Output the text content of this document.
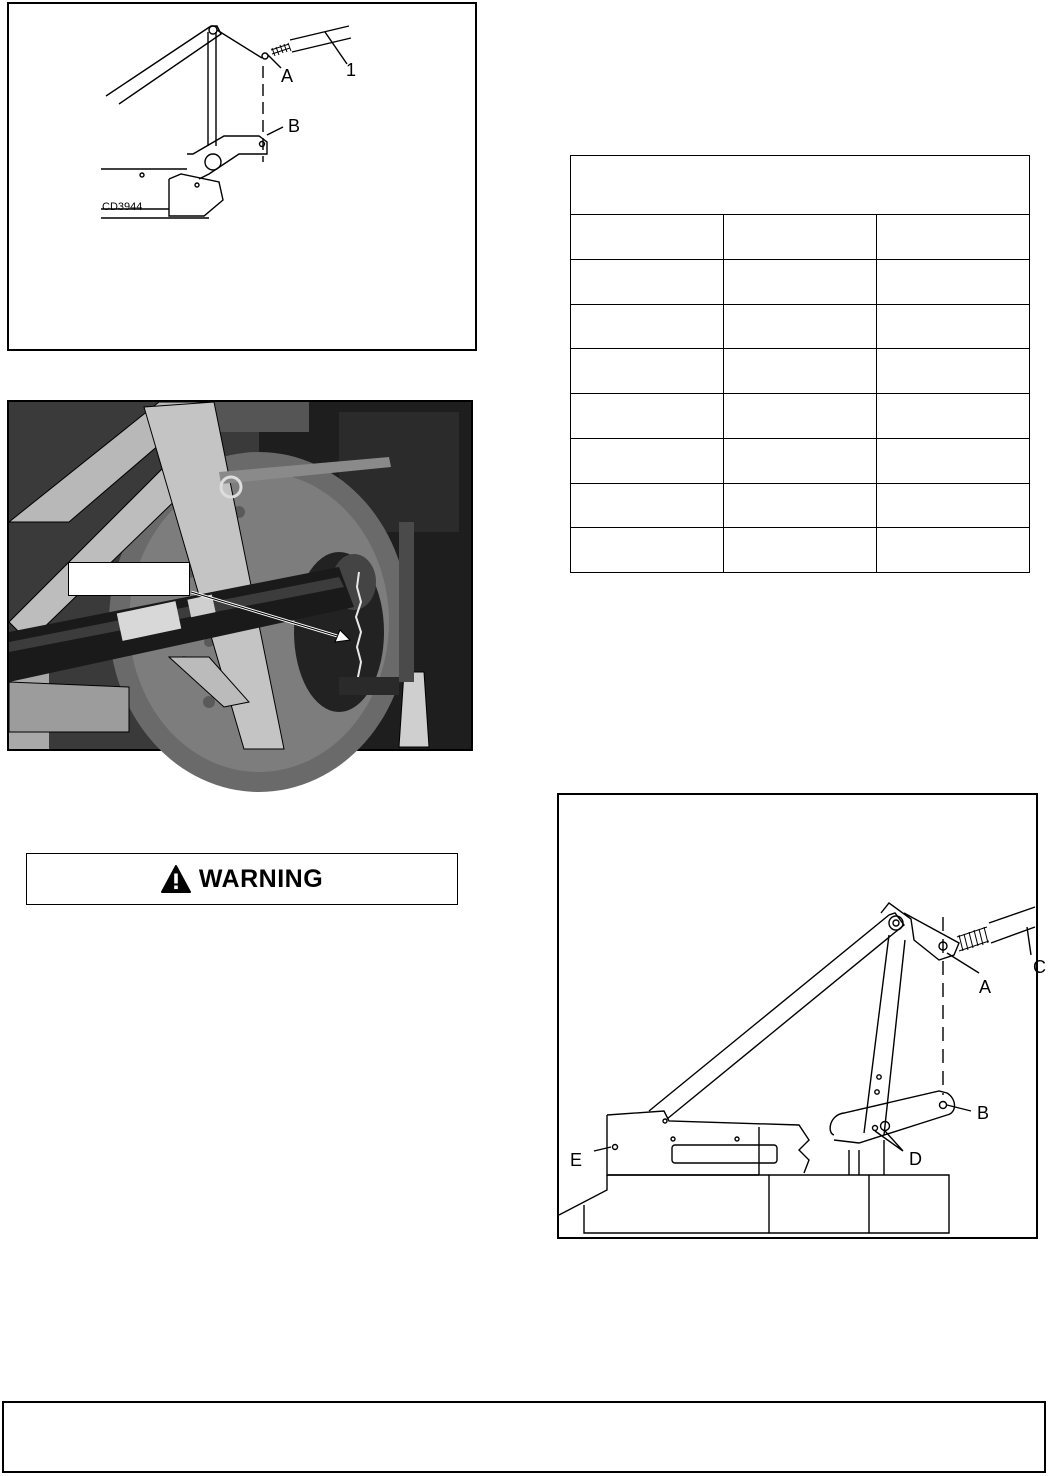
CD3944
A
B
1
WARNING

A
B
C
D
E
